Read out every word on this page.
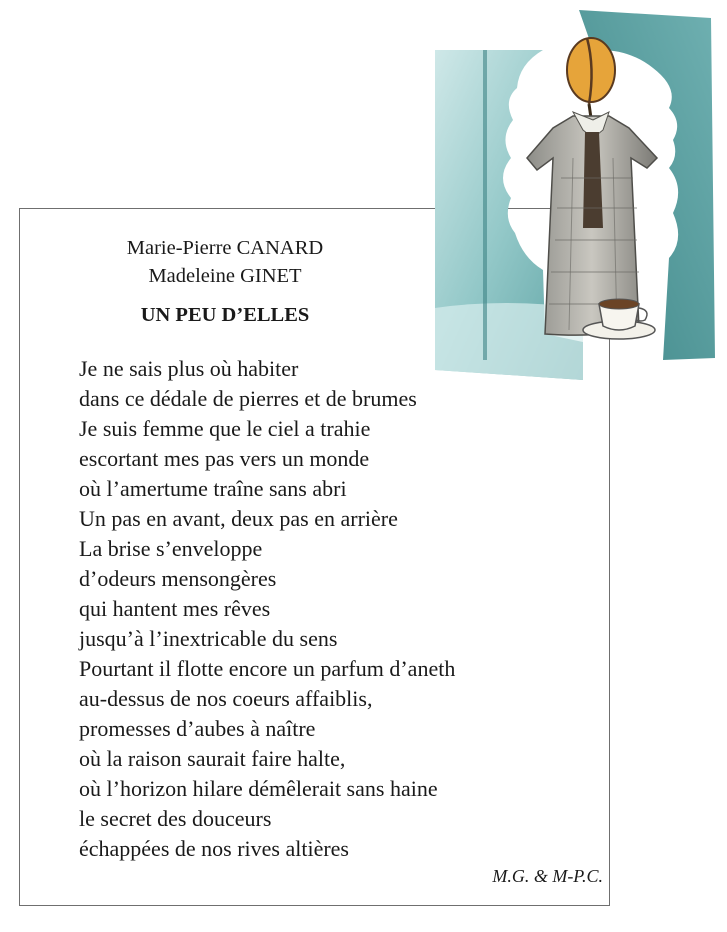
Marie-Pierre CANARD
Madeleine GINET
UN PEU D’ELLES
Je ne sais plus où habiter
dans ce dédale de pierres et de brumes
Je suis femme que le ciel a trahie
escortant mes pas vers un monde
où l’amertume traîne sans abri
Un pas en avant, deux pas en arrière
La brise s’enveloppe
d’odeurs mensongères
qui hantent mes rêves
jusqu’à l’inextricable du sens
Pourtant il flotte encore un parfum d’aneth
au-dessus de nos coeurs affaiblis,
promesses d’aubes à naître
où la raison saurait faire halte,
où l’horizon hilare démêlerait sans haine
le secret des douceurs
échappées de nos rives altières
M.G. & M-P.C.
